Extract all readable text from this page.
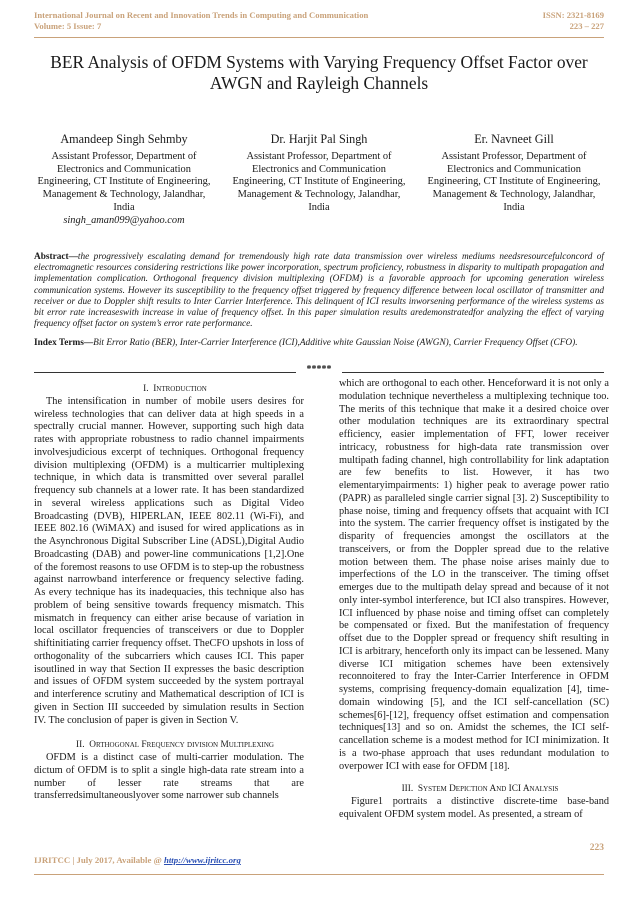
International Journal on Recent and Innovation Trends in Computing and Communication
Volume: 5 Issue: 7
ISSN: 2321-8169
223 – 227
BER Analysis of OFDM Systems with Varying Frequency Offset Factor over
AWGN and Rayleigh Channels
Amandeep Singh Sehmby
Assistant Professor, Department of Electronics and Communication Engineering, CT Institute of Engineering, Management & Technology, Jalandhar, India
singh_aman099@yahoo.com
Dr. Harjit Pal Singh
Assistant Professor, Department of Electronics and Communication Engineering, CT Institute of Engineering, Management & Technology, Jalandhar, India
Er. Navneet Gill
Assistant Professor, Department of Electronics and Communication Engineering, CT Institute of Engineering, Management & Technology, Jalandhar, India
Abstract—the progressively escalating demand for tremendously high rate data transmission over wireless mediums needsresourcefulconcord of electromagnetic resources considering restrictions like power incorporation, spectrum proficiency, robustness in disparity to multipath propagation and implementation complication. Orthogonal frequency division multiplexing (OFDM) is a favorable approach for upcoming generation wireless communication systems. However its susceptibility to the frequency offset triggered by frequency difference between local oscillator of transmitter and receiver or due to Doppler shift results to Inter Carrier Interference. This delinquent of ICI results inworsening performance of the wireless systems as bit error rate increaseswith increase in value of frequency offset. In this paper simulation results aredemonstratedfor analyzing the effect of varying frequency offset factor on system’s error rate performance.
Index Terms—Bit Error Ratio (BER), Inter-Carrier Interference (ICI),Additive white Gaussian Noise (AWGN), Carrier Frequency Offset (CFO).
*****

I. Introduction

The intensification in number of mobile users desires for wireless technologies that can deliver data at high speeds in a spectrally crucial manner. However, supporting such high data rates with appropriate robustness to radio channel impairments involvesjudicious excerpt of techniques. Orthogonal frequency division multiplexing (OFDM) is a multicarrier multiplexing technique, in which data is transmitted over several parallel frequency sub channels at a lower rate. It has been standardized in several wireless applications such as Digital Video Broadcasting (DVB), HIPERLAN, IEEE 802.11 (Wi-Fi), and IEEE 802.16 (WiMAX) and isused for wired applications as in the Asynchronous Digital Subscriber Line (ADSL),Digital Audio Broadcasting (DAB) and power-line communications [1,2].One of the foremost reasons to use OFDM is to step-up the robustness against narrowband interference or frequency selective fading. As every technique has its inadequacies, this technique also has problem of being sensitive towards frequency mismatch. This mismatch in frequency can either arise because of variation in local oscillator frequencies of transceivers or due to Doppler shiftinitiating carrier frequency offset. TheCFO upshots in loss of orthogonality of the subcarriers which causes ICI. This paper isoutlined in way that Section II expresses the basic description and issues of OFDM system succeeded by the system portrayal and interference scrutiny and Mathematical description of ICI is given in Section III succeeded by simulation results in Section IV. The conclusion of paper is given in Section V.

II. Orthogonal Frequency division Multiplexing

OFDM is a distinct case of multi-carrier modulation. The dictum of OFDM is to split a single high-data rate stream into a number of lesser rate streams that are transferredsimultaneouslyover some narrower sub channels

which are orthogonal to each other. Henceforward it is not only a modulation technique nevertheless a multiplexing technique too. The merits of this technique that make it a desired choice over other modulation techniques are its extraordinary spectral efficiency, easier implementation of FFT, lower receiver intricacy, robustness for high-data rate transmission over multipath fading channel, high controllability for link adaptation are few benefits to list. However, it has two elementaryimpairments: 1) higher peak to average power ratio (PAPR) as paralleled single carrier signal [3]. 2) Susceptibility to phase noise, timing and frequency offsets that acquaint with ICI into the system. The carrier frequency offset is instigated by the disparity of frequencies amongst the oscillators at the transceivers, or from the Doppler spread due to the relative motion between them. The phase noise arises mainly due to imperfections of the LO in the transceiver. The timing offset emerges due to the multipath delay spread and because of it not only inter-symbol interference, but ICI also transpires. However, ICI influenced by phase noise and timing offset can completely be compensated or fixed. But the manifestation of frequency offset due to the Doppler spread or frequency shift resulting in ICI is arbitrary, henceforth only its impact can be lessened. Many diverse ICI mitigation schemes have been extensively reconnoitered to fray the Inter-Carrier Interference in OFDM systems, comprising frequency-domain equalization [4], time-domain windowing [5], and the ICI self-cancellation (SC) schemes[6]-[12], frequency offset estimation and compensation techniques[13] and so on. Amidst the schemes, the ICI self-cancellation scheme is a modest method for ICI minimization. It is a two-phase approach that uses redundant modulation to overpower ICI with ease for OFDM [18].

III. System Depiction And ICI Analysis

Figure1 portraits a distinctive discrete-time base-band equivalent OFDM system model. As presented, a stream of

223
IJRITCC | July 2017, Available @ http://www.ijritcc.org
